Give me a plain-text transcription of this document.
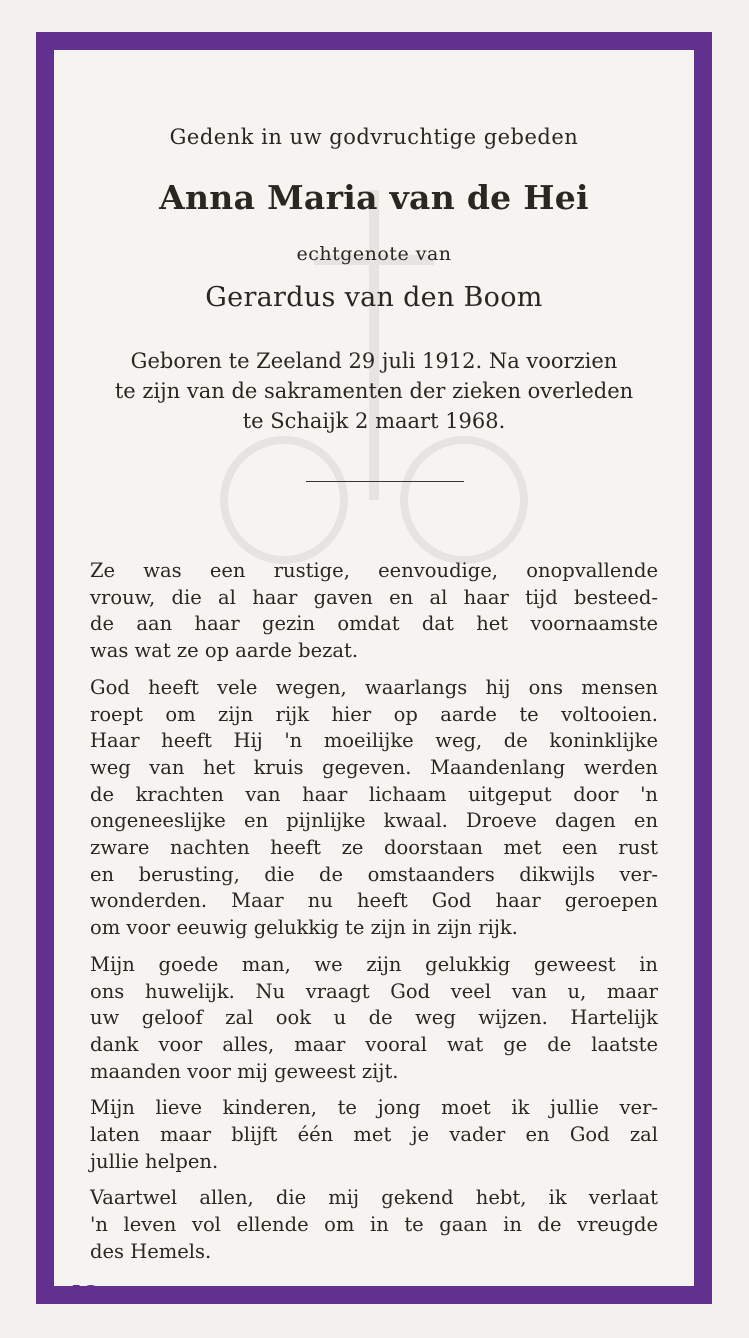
Gedenk in uw godvruchtige gebeden
Anna Maria van de Hei
echtgenote van
Gerardus van den Boom
Geboren te Zeeland 29 juli 1912. Na voorzien
te zijn van de sakramenten der zieken overleden
te Schaijk 2 maart 1968.

Ze was een rustige, eenvoudige, onopvallende
vrouw, die al haar gaven en al haar tijd besteed-
de aan haar gezin omdat dat het voornaamste
was wat ze op aarde bezat.

God heeft vele wegen, waarlangs hij ons mensen
roept om zijn rijk hier op aarde te voltooien.
Haar heeft Hij 'n moeilijke weg, de koninklijke
weg van het kruis gegeven. Maandenlang werden
de krachten van haar lichaam uitgeput door 'n
ongeneeslijke en pijnlijke kwaal. Droeve dagen en
zware nachten heeft ze doorstaan met een rust
en berusting, die de omstaanders dikwijls ver-
wonderden. Maar nu heeft God haar geroepen
om voor eeuwig gelukkig te zijn in zijn rijk.

Mijn goede man, we zijn gelukkig geweest in
ons huwelijk. Nu vraagt God veel van u, maar
uw geloof zal ook u de weg wijzen. Hartelijk
dank voor alles, maar vooral wat ge de laatste
maanden voor mij geweest zijt.

Mijn lieve kinderen, te jong moet ik jullie ver-
laten maar blijft één met je vader en God zal
jullie helpen.

Vaartwel allen, die mij gekend hebt, ik verlaat
'n leven vol ellende om in te gaan in de vreugde
des Hemels.

L2
